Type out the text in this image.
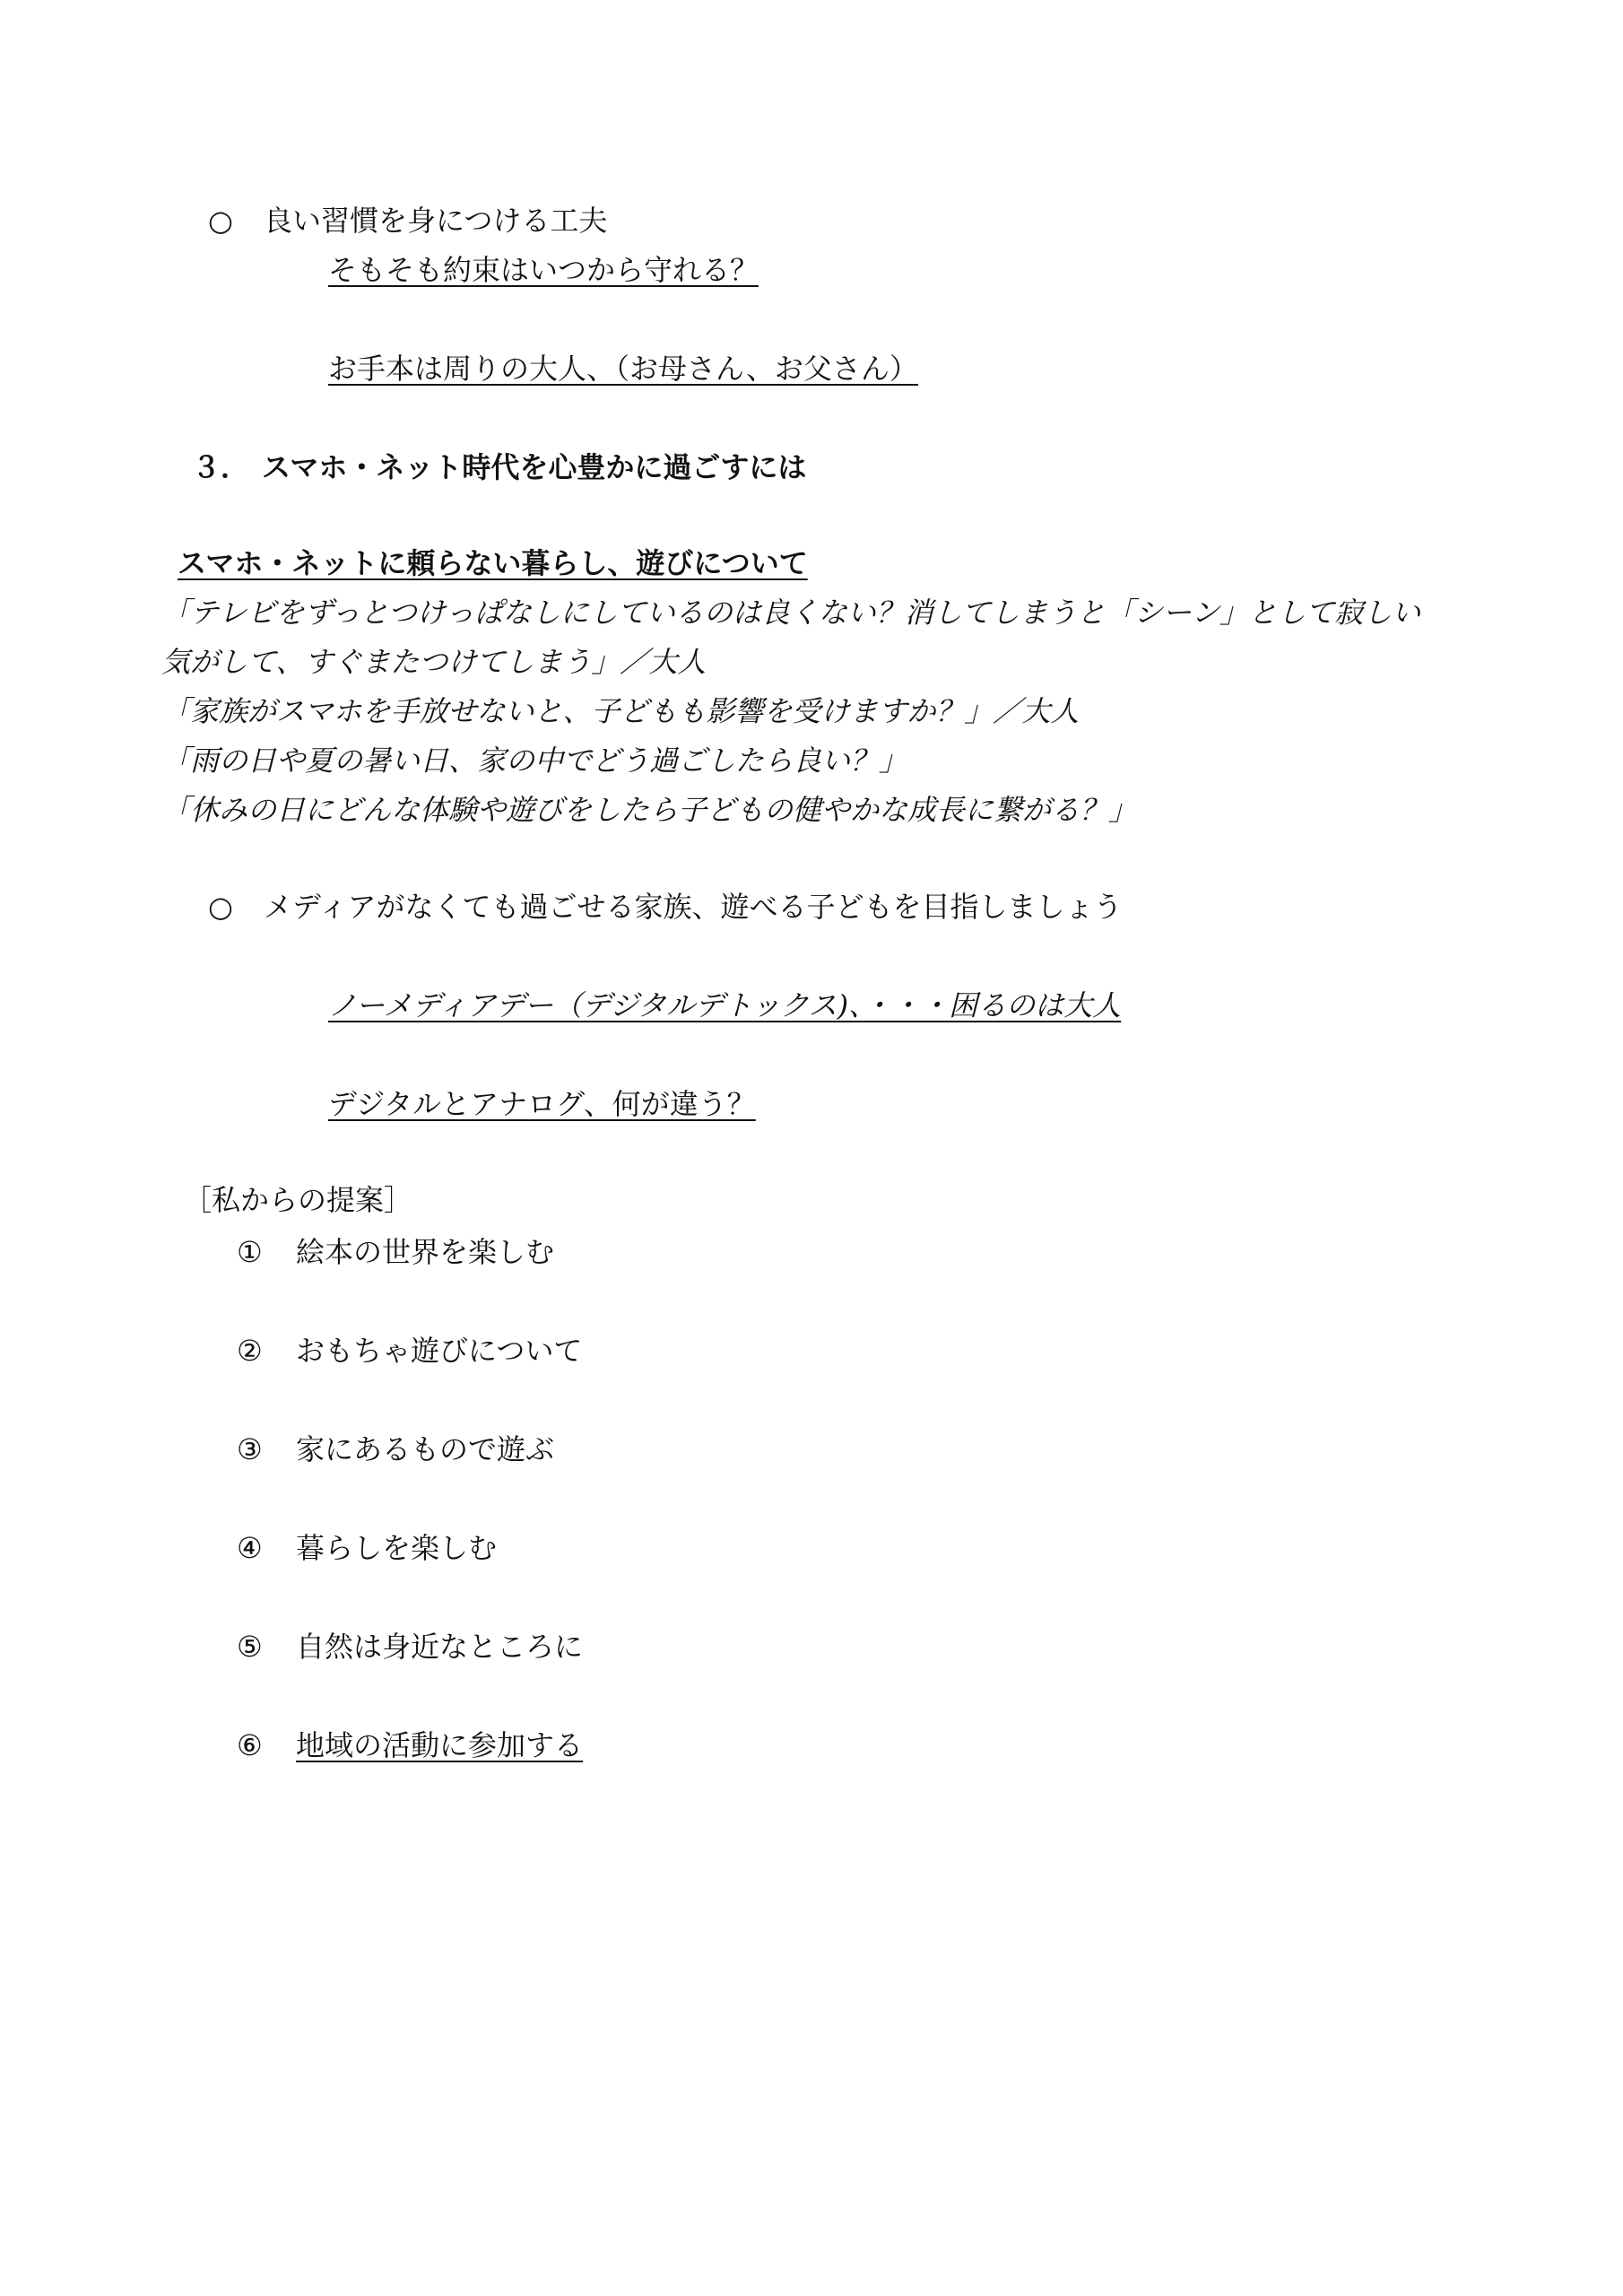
○ 良い習慣を身につける工夫
そもそも約束はいつから守れる？
お手本は周りの大人、（お母さん、お父さん）
３． スマホ・ネット時代を心豊かに過ごすには
スマホ・ネットに頼らない暮らし、遊びについて
「テレビをずっとつけっぱなしにしているのは良くない？消してしまうと「シーン」として寂しい
気がして、すぐまたつけてしまう」／大人
「家族がスマホを手放せないと、子どもも影響を受けますか？」／大人
「雨の日や夏の暑い日、家の中でどう過ごしたら良い？」
「休みの日にどんな体験や遊びをしたら子どもの健やかな成長に繋がる？」
○ メディアがなくても過ごせる家族、遊べる子どもを目指しましょう
ノーメディアデー（デジタルデトックス)、・・・困るのは大人
デジタルとアナログ、何が違う？
［私からの提案］
① 絵本の世界を楽しむ
② おもちゃ遊びについて
③ 家にあるもので遊ぶ
④ 暮らしを楽しむ
⑤ 自然は身近なところに
⑥ 地域の活動に参加する
